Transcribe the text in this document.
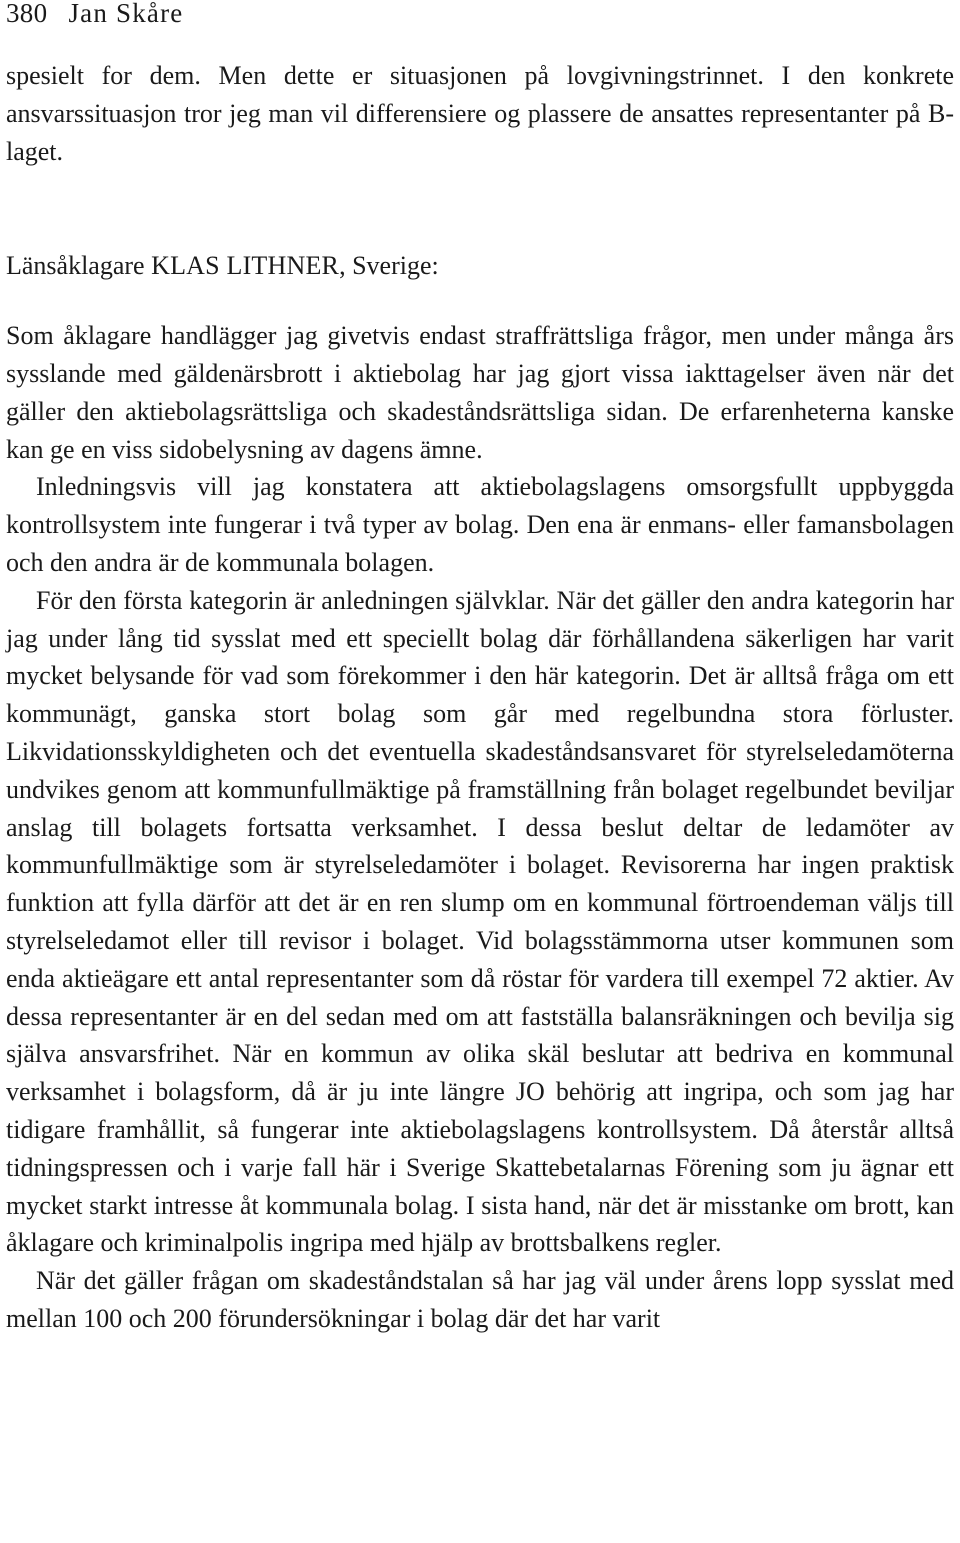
380 Jan Skåre

spesielt for dem. Men dette er situasjonen på lovgivningstrinnet. I den konkrete ansvarssituasjon tror jeg man vil differensiere og plassere de ansattes representanter på B-laget.

Länsåklagare KLAS LITHNER, Sverige:

Som åklagare handlägger jag givetvis endast straffrättsliga frågor, men under många års sysslande med gäldenärsbrott i aktiebolag har jag gjort vissa iakttagelser även när det gäller den aktiebolagsrättsliga och skadeståndsrättsliga sidan. De erfarenheterna kanske kan ge en viss sidobelysning av dagens ämne.

Inledningsvis vill jag konstatera att aktiebolagslagens omsorgsfullt uppbyggda kontrollsystem inte fungerar i två typer av bolag. Den ena är enmans- eller famansbolagen och den andra är de kommunala bolagen.

För den första kategorin är anledningen självklar. När det gäller den andra kategorin har jag under lång tid sysslat med ett speciellt bolag där förhållandena säkerligen har varit mycket belysande för vad som förekommer i den här kategorin. Det är alltså fråga om ett kommunägt, ganska stort bolag som går med regelbundna stora förluster. Likvidationsskyldigheten och det eventuella skadeståndsansvaret för styrelseledamöterna undvikes genom att kommunfullmäktige på framställning från bolaget regelbundet beviljar anslag till bolagets fortsatta verksamhet. I dessa beslut deltar de ledamöter av kommunfullmäktige som är styrelseledamöter i bolaget. Revisorerna har ingen praktisk funktion att fylla därför att det är en ren slump om en kommunal förtroendeman väljs till styrelseledamot eller till revisor i bolaget. Vid bolagsstämmorna utser kommunen som enda aktieägare ett antal representanter som då röstar för vardera till exempel 72 aktier. Av dessa representanter är en del sedan med om att fastställa balansräkningen och bevilja sig själva ansvarsfrihet. När en kommun av olika skäl beslutar att bedriva en kommunal verksamhet i bolagsform, då är ju inte längre JO behörig att ingripa, och som jag har tidigare framhållit, så fungerar inte aktiebolagslagens kontrollsystem. Då återstår alltså tidningspressen och i varje fall här i Sverige Skattebetalarnas Förening som ju ägnar ett mycket starkt intresse åt kommunala bolag. I sista hand, när det är misstanke om brott, kan åklagare och kriminalpolis ingripa med hjälp av brottsbalkens regler.

När det gäller frågan om skadeståndstalan så har jag väl under årens lopp sysslat med mellan 100 och 200 förundersökningar i bolag där det har varit
